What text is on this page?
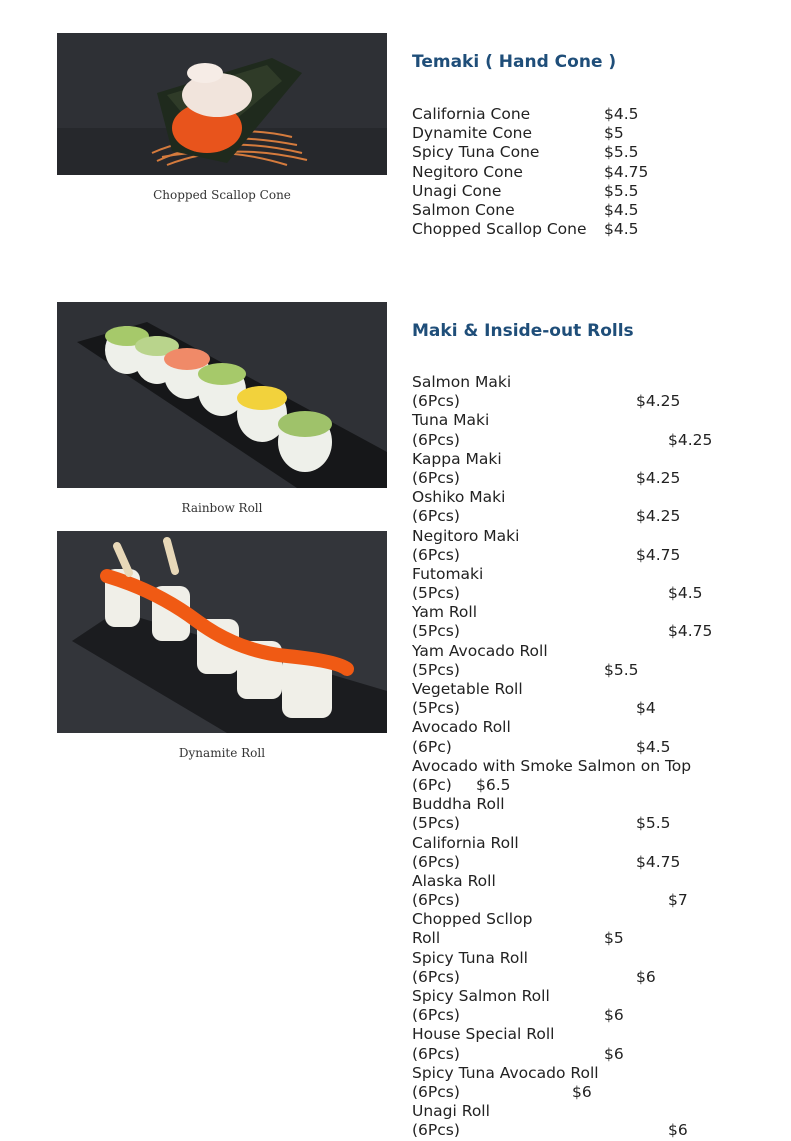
Chopped Scallop Cone
Rainbow Roll
Dynamite Roll
Temaki ( Hand Cone )
California Cone	$4.5
Dynamite Cone	$5
Spicy Tuna Cone	$5.5
Negitoro Cone	$4.75
Unagi Cone	$5.5
Salmon Cone	$4.5
Chopped Scallop Cone $4.5
Maki & Inside-out Rolls
Salmon Maki
(6Pcs)	$4.25
Tuna Maki
(6Pcs)	$4.25
Kappa Maki
(6Pcs)	$4.25
Oshiko Maki
(6Pcs)	$4.25
Negitoro Maki
(6Pcs)	$4.75
Futomaki
(5Pcs)	$4.5
Yam Roll
(5Pcs)	$4.75
Yam Avocado Roll
(5Pcs)	$5.5
Vegetable Roll
(5Pcs)	$4
Avocado Roll
(6Pc)	$4.5
Avocado with Smoke Salmon on Top
(6Pc) $6.5
Buddha Roll
(5Pcs)	$5.5
California Roll
(6Pcs)	$4.75
Alaska Roll
(6Pcs)	$7
Chopped Scllop
Roll	$5
Spicy Tuna Roll
(6Pcs)	$6
Spicy Salmon Roll
(6Pcs)	$6
House Special Roll
(6Pcs)	$6
Spicy Tuna Avocado Roll
(6Pcs)	$6
Unagi Roll
(6Pcs)	$6
